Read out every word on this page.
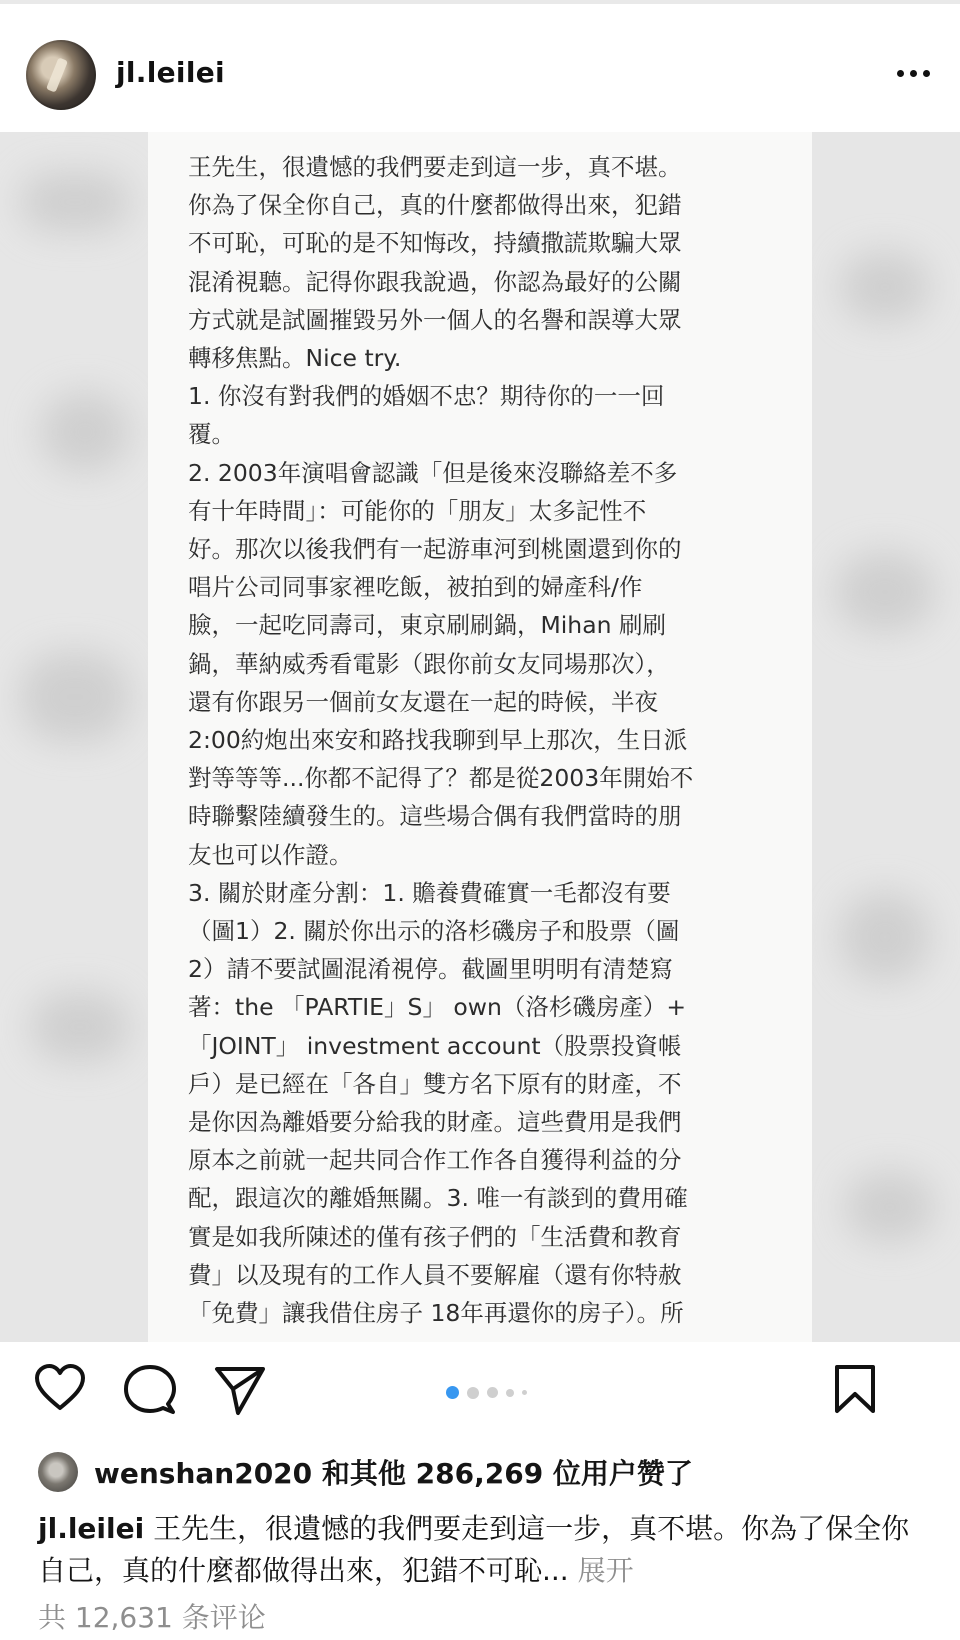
jl.leilei

王先生，很遺憾的我們要走到這一步，真不堪。

你為了保全你自己，真的什麼都做得出來，犯錯

不可恥，可恥的是不知悔改，持續撒謊欺騙大眾

混淆視聽。記得你跟我說過，你認為最好的公關

方式就是試圖摧毀另外一個人的名譽和誤導大眾

轉移焦點。Nice try.

1. 你沒有對我們的婚姻不忠？期待你的一一回

覆。

2. 2003年演唱會認識「但是後來沒聯絡差不多

有十年時間」：可能你的「朋友」太多記性不

好。那次以後我們有一起游車河到桃園還到你的

唱片公司同事家裡吃飯，被拍到的婦產科/作

臉，一起吃同壽司，東京刷刷鍋，Mihan 刷刷

鍋，華納威秀看電影（跟你前女友同場那次），

還有你跟另一個前女友還在一起的時候，半夜

2:00約炮出來安和路找我聊到早上那次，生日派

對等等等...你都不記得了？都是從2003年開始不

時聯繫陸續發生的。這些場合偶有我們當時的朋

友也可以作證。

3. 關於財產分割：1. 贍養費確實一毛都沒有要

（圖1）2. 關於你出示的洛杉磯房子和股票（圖

2）請不要試圖混淆視停。截圖里明明有清楚寫

著：the 「PARTIE」S」 own（洛杉磯房產）+

「JOINT」 investment account（股票投資帳

戶）是已經在「各自」雙方名下原有的財產，不

是你因為離婚要分給我的財產。這些費用是我們

原本之前就一起共同合作工作各自獲得利益的分

配，跟這次的離婚無關。3. 唯一有談到的費用確

實是如我所陳述的僅有孩子們的「生活費和教育

費」以及現有的工作人員不要解雇（還有你特赦

「免費」讓我借住房子 18年再還你的房子）。所

wenshan2020 和其他 286,269 位用户赞了
jl.leilei 王先生，很遺憾的我們要走到這一步，真不堪。你為了保全你自己，真的什麼都做得出來，犯錯不可恥... 展开
共 12,631 条评论
